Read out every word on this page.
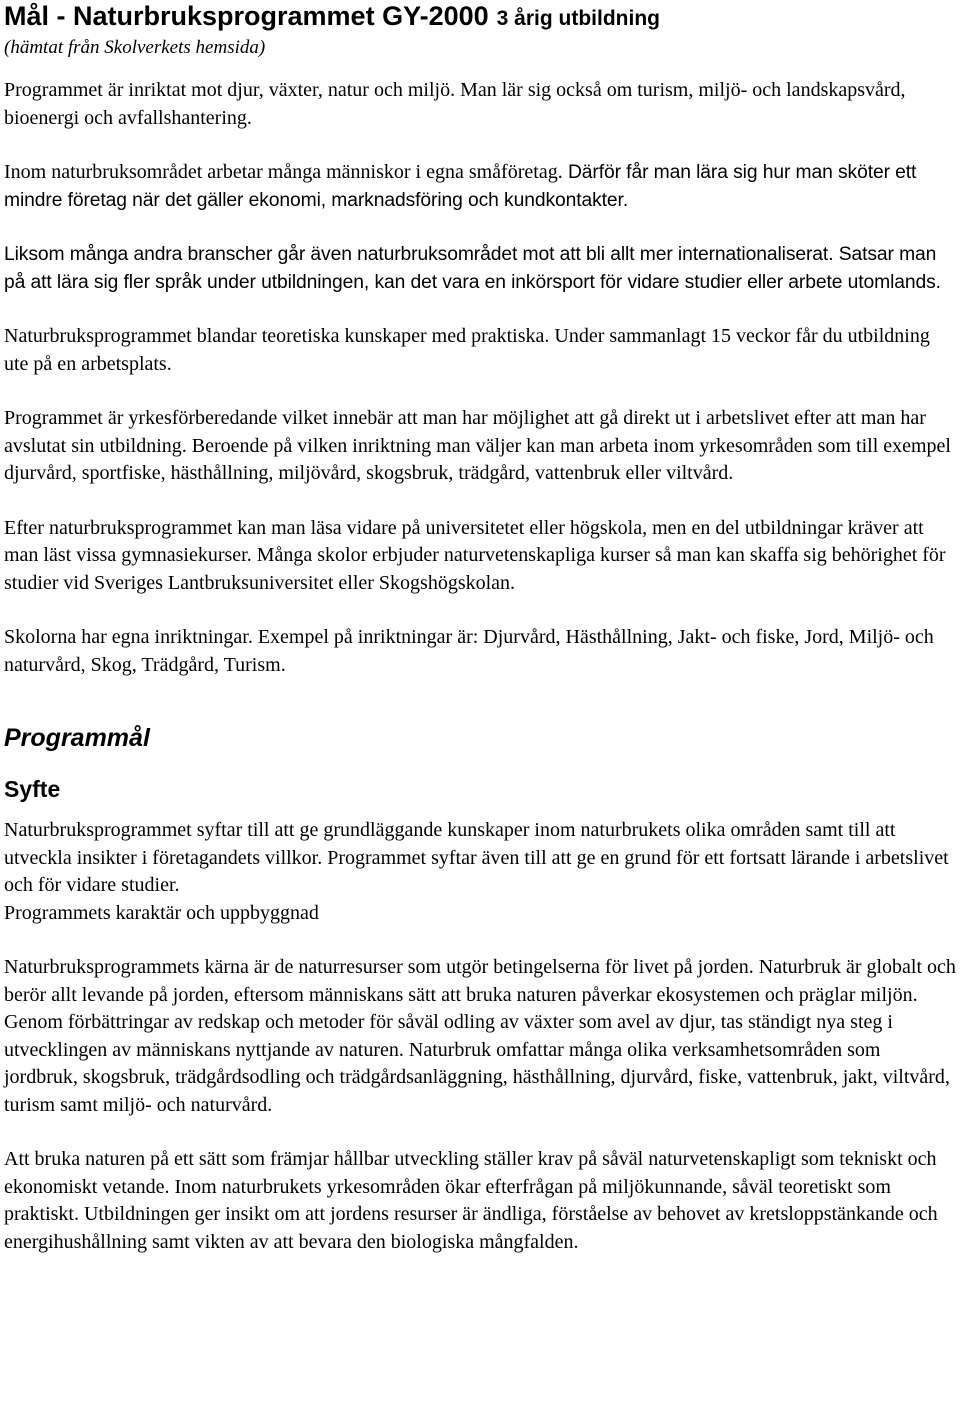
Mål - Naturbruksprogrammet GY-2000 3 årig utbildning
(hämtat från Skolverkets hemsida)

Programmet är inriktat mot djur, växter, natur och miljö. Man lär sig också om turism, miljö- och landskapsvård, bioenergi och avfallshantering.

Inom naturbruksområdet arbetar många människor i egna småföretag. Därför får man lära sig hur man sköter ett mindre företag när det gäller ekonomi, marknadsföring och kundkontakter.

Liksom många andra branscher går även naturbruksområdet mot att bli allt mer internationaliserat. Satsar man på att lära sig fler språk under utbildningen, kan det vara en inkörsport för vidare studier eller arbete utomlands.

Naturbruksprogrammet blandar teoretiska kunskaper med praktiska. Under sammanlagt 15 veckor får du utbildning ute på en arbetsplats.

Programmet är yrkesförberedande vilket innebär att man har möjlighet att gå direkt ut i arbetslivet efter att man har avslutat sin utbildning. Beroende på vilken inriktning man väljer kan man arbeta inom yrkesområden som till exempel djurvård, sportfiske, hästhållning, miljövård, skogsbruk, trädgård, vattenbruk eller viltvård.

Efter naturbruksprogrammet kan man läsa vidare på universitetet eller högskola, men en del utbildningar kräver att man läst vissa gymnasiekurser. Många skolor erbjuder naturvetenskapliga kurser så man kan skaffa sig behörighet för studier vid Sveriges Lantbruksuniversitet eller Skogshögskolan.

Skolorna har egna inriktningar. Exempel på inriktningar är: Djurvård, Hästhållning, Jakt- och fiske, Jord, Miljö- och naturvård, Skog, Trädgård, Turism.

Programmål
Syfte

Naturbruksprogrammet syftar till att ge grundläggande kunskaper inom naturbrukets olika områden samt till att utveckla insikter i företagandets villkor. Programmet syftar även till att ge en grund för ett fortsatt lärande i arbetslivet och för vidare studier.

Programmets karaktär och uppbyggnad

Naturbruksprogrammets kärna är de naturresurser som utgör betingelserna för livet på jorden. Naturbruk är globalt och berör allt levande på jorden, eftersom människans sätt att bruka naturen påverkar ekosystemen och präglar miljön. Genom förbättringar av redskap och metoder för såväl odling av växter som avel av djur, tas ständigt nya steg i utvecklingen av människans nyttjande av naturen. Naturbruk omfattar många olika verksamhetsområden som jordbruk, skogsbruk, trädgårdsodling och trädgårdsanläggning, hästhållning, djurvård, fiske, vattenbruk, jakt, viltvård, turism samt miljö- och naturvård.

Att bruka naturen på ett sätt som främjar hållbar utveckling ställer krav på såväl naturvetenskapligt som tekniskt och ekonomiskt vetande. Inom naturbrukets yrkesområden ökar efterfrågan på miljökunnande, såväl teoretiskt som praktiskt. Utbildningen ger insikt om att jordens resurser är ändliga, förståelse av behovet av kretsloppstänkande och energihushållning samt vikten av att bevara den biologiska mångfalden.
